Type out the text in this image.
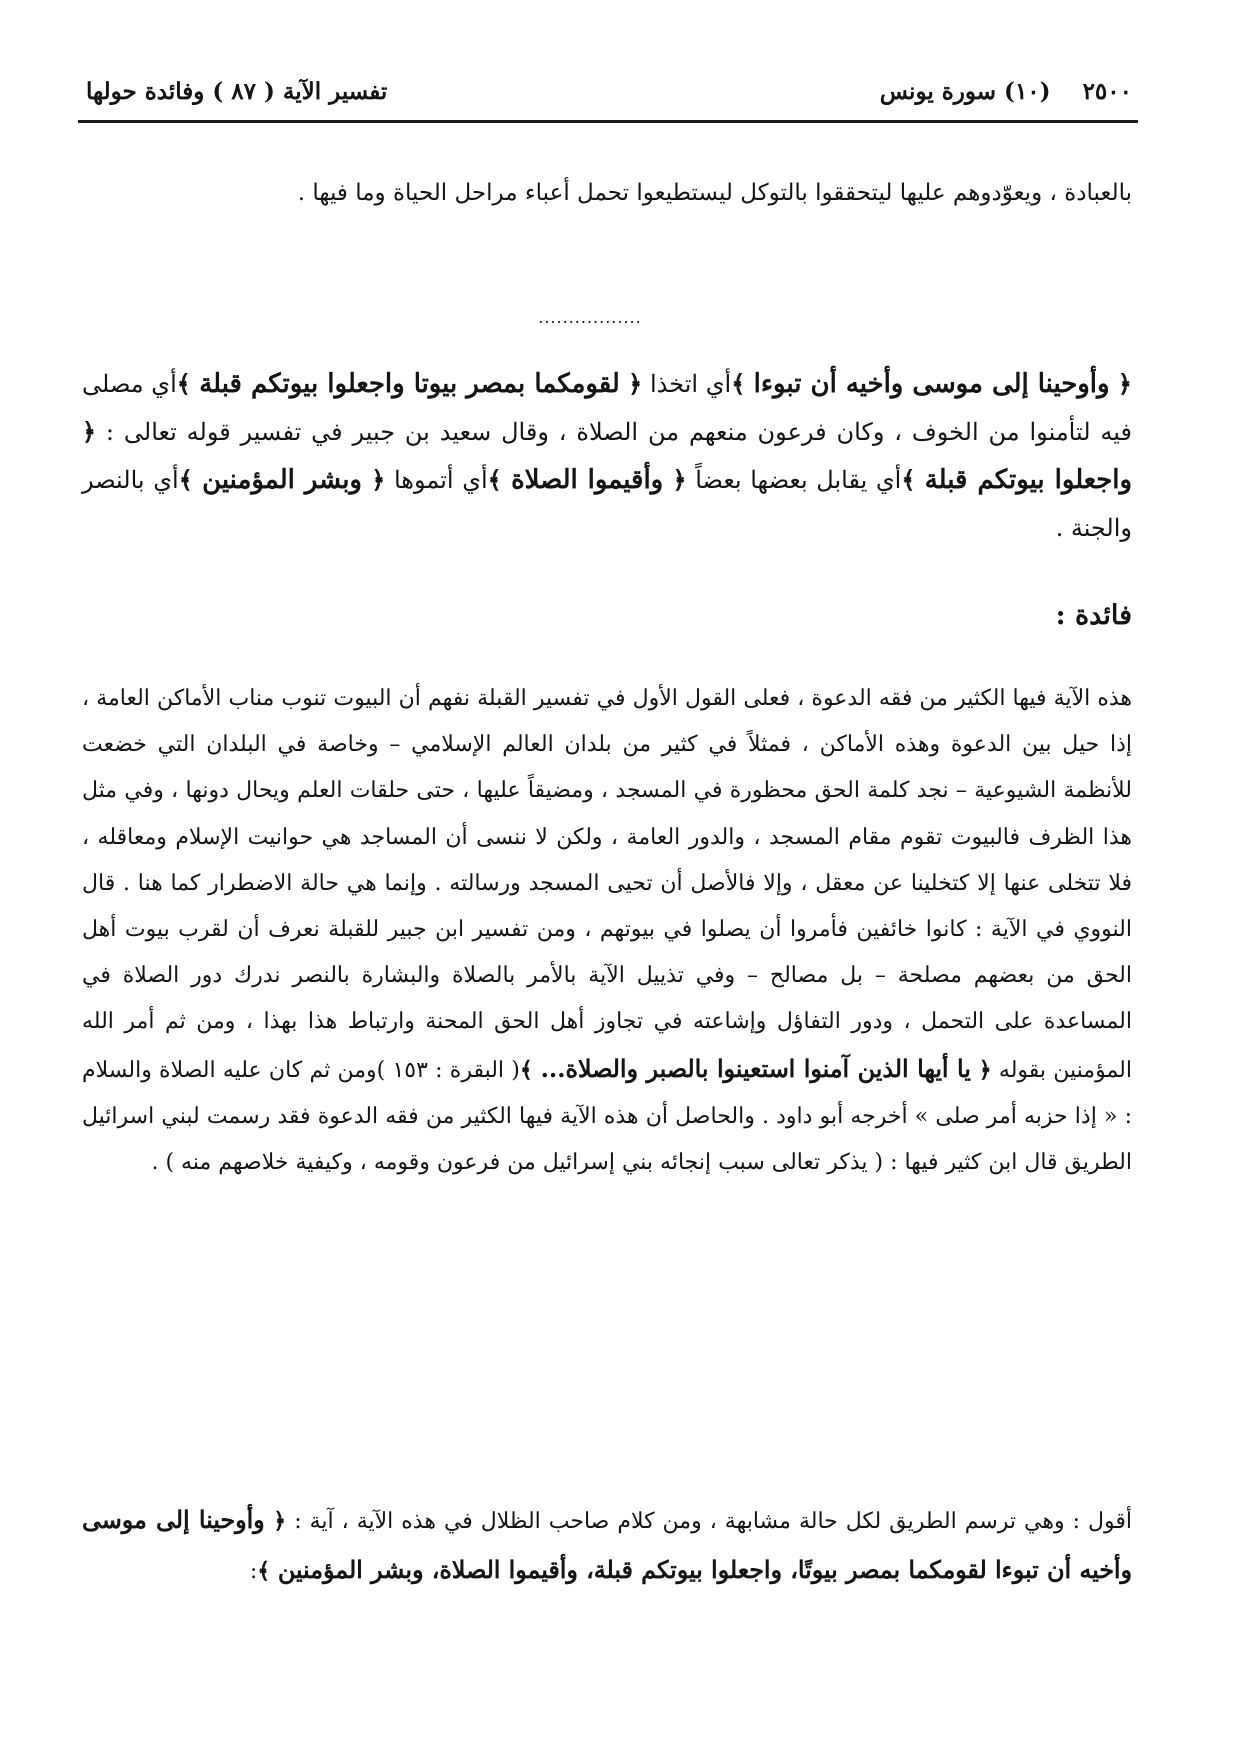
٢٥٠٠    (١٠) سورة يونس
تفسير الآية ( ٨٧ ) وفائدة حولها

بالعبادة ، ويعوّدوهم عليها ليتحققوا بالتوكل ليستطيعوا تحمل أعباء مراحل الحياة وما فيها .

.................

﴿ وأوحينا إلى موسى وأخيه أن تبوءا ﴾أي اتخذا ﴿ لقومكما بمصر بيوتا واجعلوا بيوتكم قبلة ﴾أي مصلى فيه لتأمنوا من الخوف ، وكان فرعون منعهم من الصلاة ، وقال سعيد بن جبير في تفسير قوله تعالى : ﴿ واجعلوا بيوتكم قبلة ﴾أي يقابل بعضها بعضاً ﴿ وأقيموا الصلاة ﴾أي أتموها ﴿ وبشر المؤمنين ﴾أي بالنصر والجنة .

فائدة :

هذه الآية فيها الكثير من فقه الدعوة ، فعلى القول الأول في تفسير القبلة نفهم أن البيوت تنوب مناب الأماكن العامة ، إذا حيل بين الدعوة وهذه الأماكن ، فمثلاً في كثير من بلدان العالم الإسلامي – وخاصة في البلدان التي خضعت للأنظمة الشيوعية – نجد كلمة الحق محظورة في المسجد ، ومضيقاً عليها ، حتى حلقات العلم ويحال دونها ، وفي مثل هذا الظرف فالبيوت تقوم مقام المسجد ، والدور العامة ، ولكن لا ننسى أن المساجد هي حوانيت الإسلام ومعاقله ، فلا تتخلى عنها إلا كتخلينا عن معقل ، وإلا فالأصل أن تحيى المسجد ورسالته . وإنما هي حالة الاضطرار كما هنا . قال النووي في الآية : كانوا خائفين فأمروا أن يصلوا في بيوتهم ، ومن تفسير ابن جبير للقبلة نعرف أن لقرب بيوت أهل الحق من بعضهم مصلحة – بل مصالح – وفي تذييل الآية بالأمر بالصلاة والبشارة بالنصر ندرك دور الصلاة في المساعدة على التحمل ، ودور التفاؤل وإشاعته في تجاوز أهل الحق المحنة وارتباط هذا بهذا ، ومن ثم أمر الله المؤمنين بقوله ﴿ يا أيها الذين آمنوا استعينوا بالصبر والصلاة... ﴾( البقرة : ١٥٣ )ومن ثم كان عليه الصلاة والسلام : « إذا حزبه أمر صلى » أخرجه أبو داود . والحاصل أن هذه الآية فيها الكثير من فقه الدعوة فقد رسمت لبني اسرائيل الطريق قال ابن كثير فيها : ( يذكر تعالى سبب إنجائه بني إسرائيل من فرعون وقومه ، وكيفية خلاصهم منه ) .

أقول : وهي ترسم الطريق لكل حالة مشابهة ، ومن كلام صاحب الظلال في هذه الآية ، آية : ﴿ وأوحينا إلى موسى وأخيه أن تبوءا لقومكما بمصر بيوتًا، واجعلوا بيوتكم قبلة، وأقيموا الصلاة، وبشر المؤمنين ﴾:
